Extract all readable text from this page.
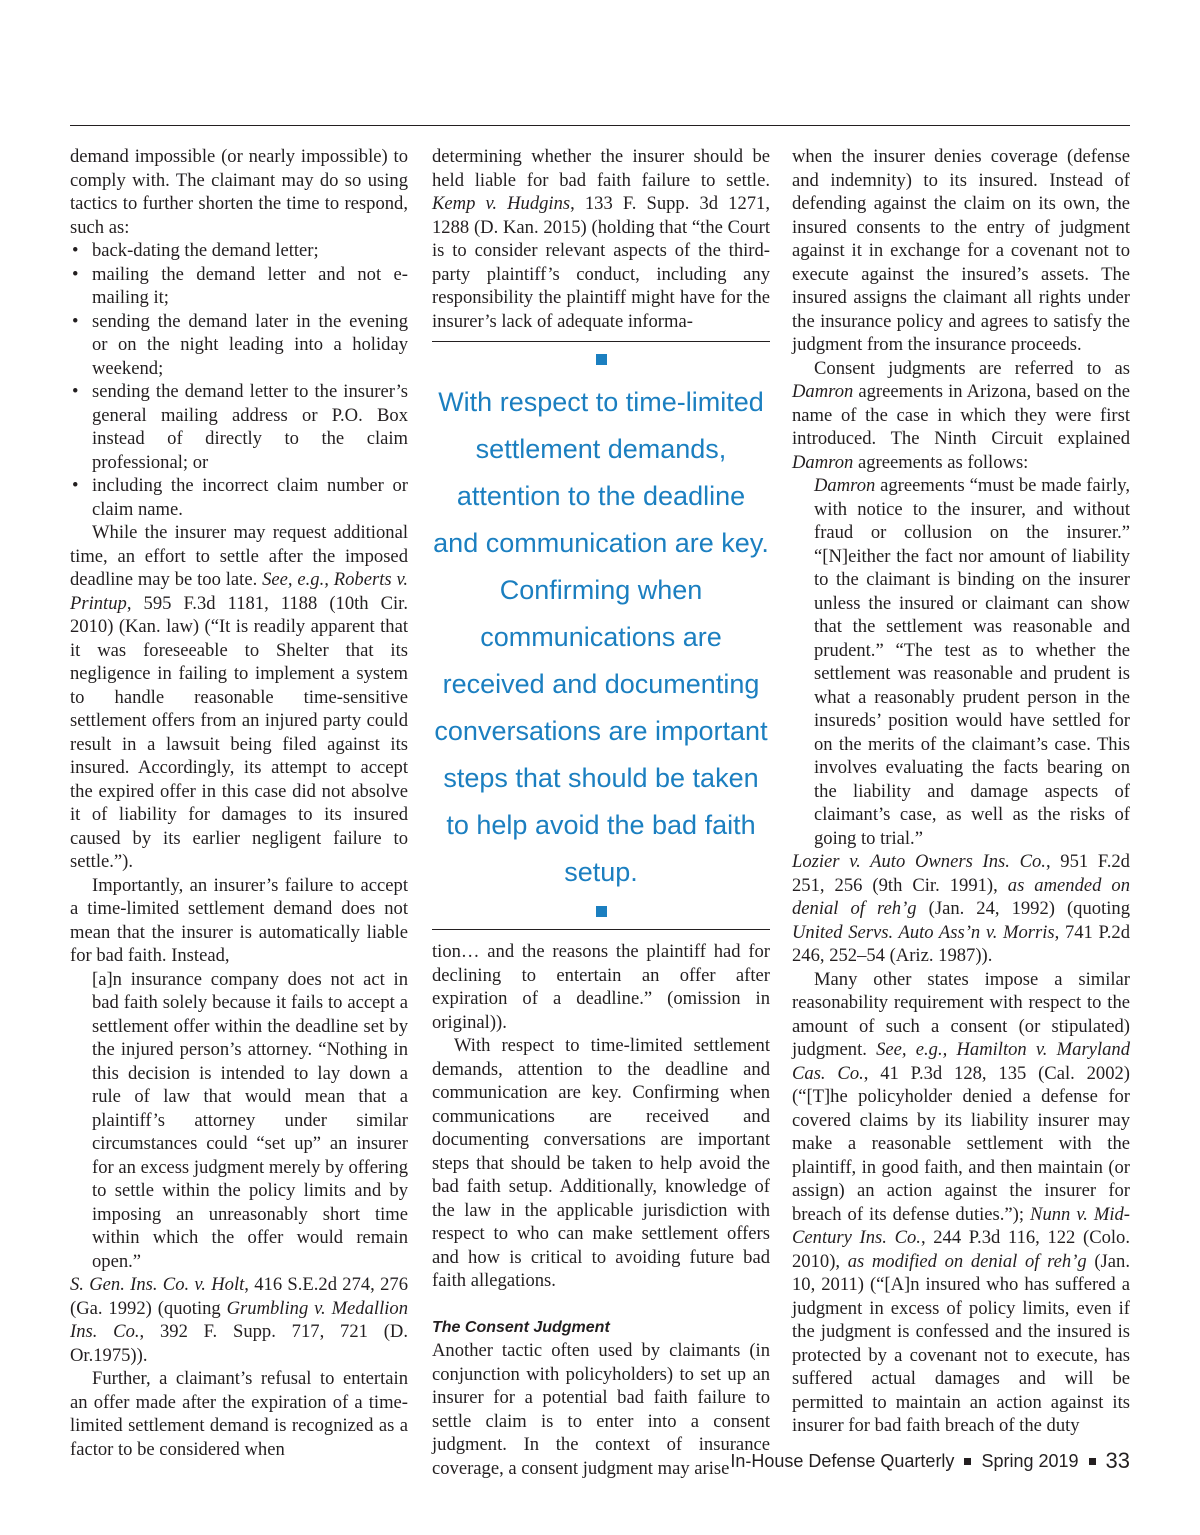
demand impossible (or nearly impossible) to comply with. The claimant may do so using tactics to further shorten the time to respond, such as:

• back-dating the demand letter;
• mailing the demand letter and not e-mailing it;
• sending the demand later in the evening or on the night leading into a holiday weekend;
• sending the demand letter to the insurer’s general mailing address or P.O. Box instead of directly to the claim professional; or
• including the incorrect claim number or claim name.

While the insurer may request additional time, an effort to settle after the imposed deadline may be too late. See, e.g., Roberts v. Printup, 595 F.3d 1181, 1188 (10th Cir. 2010) (Kan. law) (“It is readily apparent that it was foreseeable to Shelter that its negligence in failing to implement a system to handle reasonable time-sensitive settlement offers from an injured party could result in a lawsuit being filed against its insured. Accordingly, its attempt to accept the expired offer in this case did not absolve it of liability for damages to its insured caused by its earlier negligent failure to settle.”).

Importantly, an insurer’s failure to accept a time-limited settlement demand does not mean that the insurer is automatically liable for bad faith. Instead,

[a]n insurance company does not act in bad faith solely because it fails to accept a settlement offer within the deadline set by the injured person’s attorney. “Nothing in this decision is intended to lay down a rule of law that would mean that a plaintiff’s attorney under similar circumstances could “set up” an insurer for an excess judgment merely by offering to settle within the policy limits and by imposing an unreasonably short time within which the offer would remain open.”

S. Gen. Ins. Co. v. Holt, 416 S.E.2d 274, 276 (Ga. 1992) (quoting Grumbling v. Medallion Ins. Co., 392 F. Supp. 717, 721 (D. Or.1975)).

Further, a claimant’s refusal to entertain an offer made after the expiration of a time-limited settlement demand is recognized as a factor to be considered when

determining whether the insurer should be held liable for bad faith failure to settle. Kemp v. Hudgins, 133 F. Supp. 3d 1271, 1288 (D. Kan. 2015) (holding that “the Court is to consider relevant aspects of the third-party plaintiff’s conduct, including any responsibility the plaintiff might have for the insurer’s lack of adequate informa-

With respect to time-limited settlement demands, attention to the deadline and communication are key. Confirming when communications are received and documenting conversations are important steps that should be taken to help avoid the bad faith setup.

tion… and the reasons the plaintiff had for declining to entertain an offer after expiration of a deadline.” (omission in original)).

With respect to time-limited settlement demands, attention to the deadline and communication are key. Confirming when communications are received and documenting conversations are important steps that should be taken to help avoid the bad faith setup. Additionally, knowledge of the law in the applicable jurisdiction with respect to who can make settlement offers and how is critical to avoiding future bad faith allegations.

The Consent Judgment

Another tactic often used by claimants (in conjunction with policyholders) to set up an insurer for a potential bad faith failure to settle claim is to enter into a consent judgment. In the context of insurance coverage, a consent judgment may arise

when the insurer denies coverage (defense and indemnity) to its insured. Instead of defending against the claim on its own, the insured consents to the entry of judgment against it in exchange for a covenant not to execute against the insured’s assets. The insured assigns the claimant all rights under the insurance policy and agrees to satisfy the judgment from the insurance proceeds.

Consent judgments are referred to as Damron agreements in Arizona, based on the name of the case in which they were first introduced. The Ninth Circuit explained Damron agreements as follows:

Damron agreements “must be made fairly, with notice to the insurer, and without fraud or collusion on the insurer.” “[N]either the fact nor amount of liability to the claimant is binding on the insurer unless the insured or claimant can show that the settlement was reasonable and prudent.” “The test as to whether the settlement was reasonable and prudent is what a reasonably prudent person in the insureds’ position would have settled for on the merits of the claimant’s case. This involves evaluating the facts bearing on the liability and damage aspects of claimant’s case, as well as the risks of going to trial.”

Lozier v. Auto Owners Ins. Co., 951 F.2d 251, 256 (9th Cir. 1991), as amended on denial of reh’g (Jan. 24, 1992) (quoting United Servs. Auto Ass’n v. Morris, 741 P.2d 246, 252–54 (Ariz. 1987)).

Many other states impose a similar reasonability requirement with respect to the amount of such a consent (or stipulated) judgment. See, e.g., Hamilton v. Maryland Cas. Co., 41 P.3d 128, 135 (Cal. 2002) (“[T]he policyholder denied a defense for covered claims by its liability insurer may make a reasonable settlement with the plaintiff, in good faith, and then maintain (or assign) an action against the insurer for breach of its defense duties.”); Nunn v. Mid-Century Ins. Co., 244 P.3d 116, 122 (Colo. 2010), as modified on denial of reh’g (Jan. 10, 2011) (“[A]n insured who has suffered a judgment in excess of policy limits, even if the judgment is confessed and the insured is protected by a covenant not to execute, has suffered actual damages and will be permitted to maintain an action against its insurer for bad faith breach of the duty

In-House Defense Quarterly Spring 2019 33
